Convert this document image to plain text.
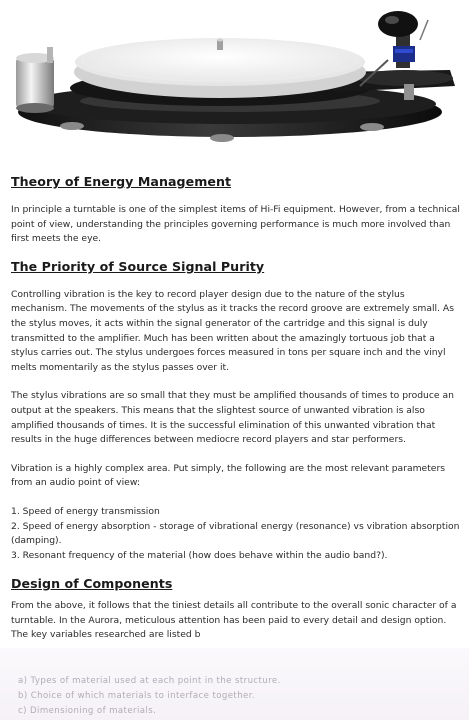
Theory of Energy Management

In principle a turntable is one of the simplest items of Hi-Fi equipment. However, from a technical point of view, understanding the principles governing performance is much more involved than first meets the eye.

The Priority of Source Signal Purity

Controlling vibration is the key to record player design due to the nature of the stylus mechanism. The movements of the stylus as it tracks the record groove are extremely small. As the stylus moves, it acts within the signal generator of the cartridge and this signal is duly transmitted to the amplifier. Much has been written about the amazingly tortuous job that a stylus carries out. The stylus undergoes forces measured in tons per square inch and the vinyl melts momentarily as the stylus passes over it.

The stylus vibrations are so small that they must be amplified thousands of times to produce an output at the speakers. This means that the slightest source of unwanted vibration is also amplified thousands of times. It is the successful elimination of this unwanted vibration that results in the huge differences between mediocre record players and star performers.

Vibration is a highly complex area. Put simply, the following are the most relevant parameters from an audio point of view:

1. Speed of energy transmission
2. Speed of energy absorption - storage of vibrational energy (resonance) vs vibration absorption (damping).
3. Resonant frequency of the material (how does behave within the audio band?).
Design of Components

From the above, it follows that the tiniest details all contribute to the overall sonic character of a turntable. In the Aurora, meticulous attention has been paid to every detail and design option. The key variables researched are listed b

a) Types of material used at each point in the structure.
b) Choice of which materials to interface together.
c) Dimensioning of materials.
